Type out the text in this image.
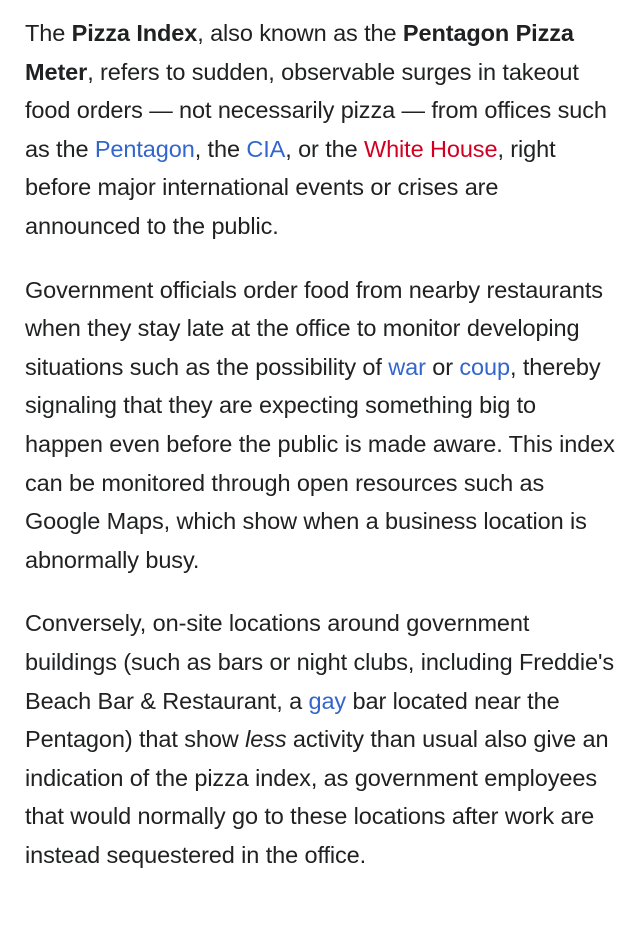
The Pizza Index, also known as the Pentagon Pizza Meter, refers to sudden, observable surges in takeout food orders — not necessarily pizza — from offices such as the Pentagon, the CIA, or the White House, right before major international events or crises are announced to the public.

Government officials order food from nearby restaurants when they stay late at the office to monitor developing situations such as the possibility of war or coup, thereby signaling that they are expecting something big to happen even before the public is made aware. This index can be monitored through open resources such as Google Maps, which show when a business location is abnormally busy.

Conversely, on-site locations around government buildings (such as bars or night clubs, including Freddie's Beach Bar & Restaurant, a gay bar located near the Pentagon) that show less activity than usual also give an indication of the pizza index, as government employees that would normally go to these locations after work are instead sequestered in the office.
